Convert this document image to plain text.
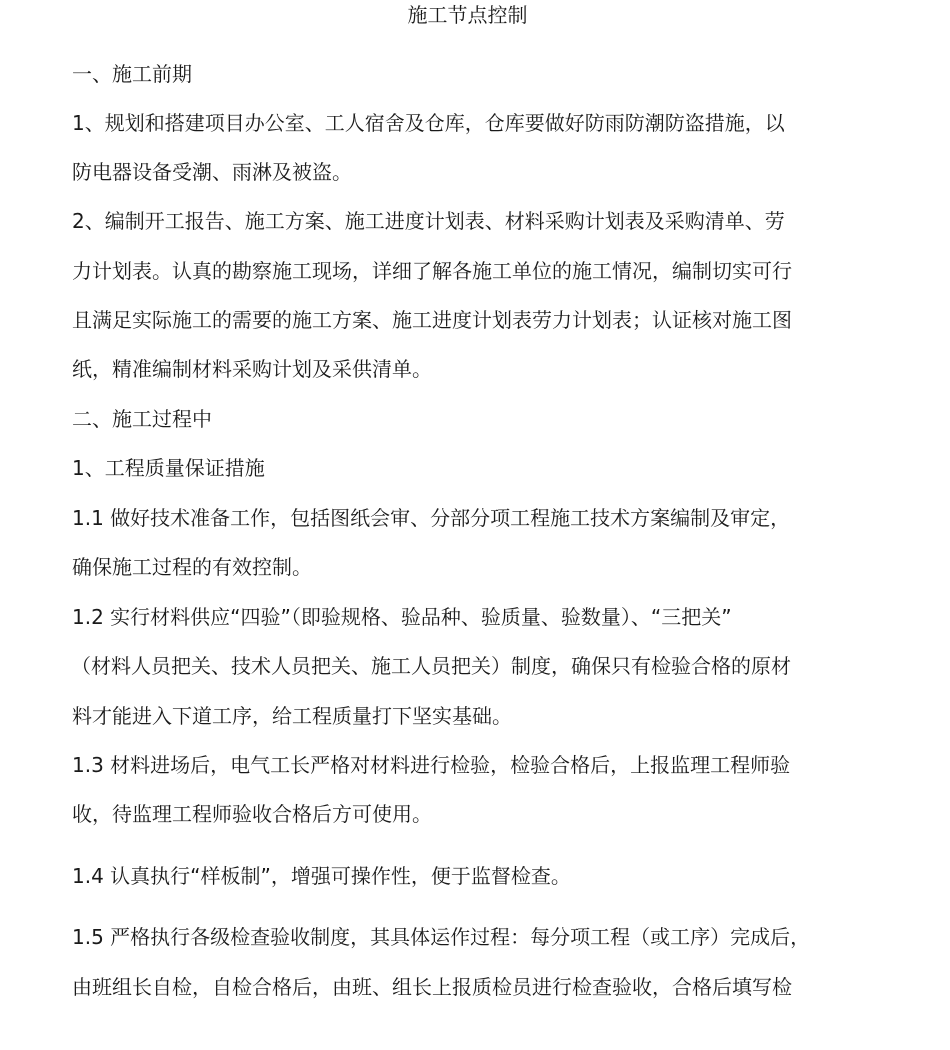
施工节点控制
一、施工前期
1、规划和搭建项目办公室、工人宿舍及仓库，仓库要做好防雨防潮防盗措施，以
防电器设备受潮、雨淋及被盗。
2、编制开工报告、施工方案、施工进度计划表、材料采购计划表及采购清单、劳
力计划表。认真的勘察施工现场，详细了解各施工单位的施工情况，编制切实可行
且满足实际施工的需要的施工方案、施工进度计划表劳力计划表；认证核对施工图
纸，精准编制材料采购计划及采供清单。
二、施工过程中
1、工程质量保证措施
1.1 做好技术准备工作，包括图纸会审、分部分项工程施工技术方案编制及审定，
确保施工过程的有效控制。
1.2 实行材料供应“四验”（即验规格、验品种、验质量、验数量）、“三把关”
（材料人员把关、技术人员把关、施工人员把关）制度，确保只有检验合格的原材
料才能进入下道工序，给工程质量打下坚实基础。
1.3 材料进场后，电气工长严格对材料进行检验，检验合格后，上报监理工程师验
收，待监理工程师验收合格后方可使用。
1.4 认真执行“样板制”，增强可操作性，便于监督检查。
1.5 严格执行各级检查验收制度，其具体运作过程：每分项工程（或工序）完成后，
由班组长自检，自检合格后，由班、组长上报质检员进行检查验收，合格后填写检
